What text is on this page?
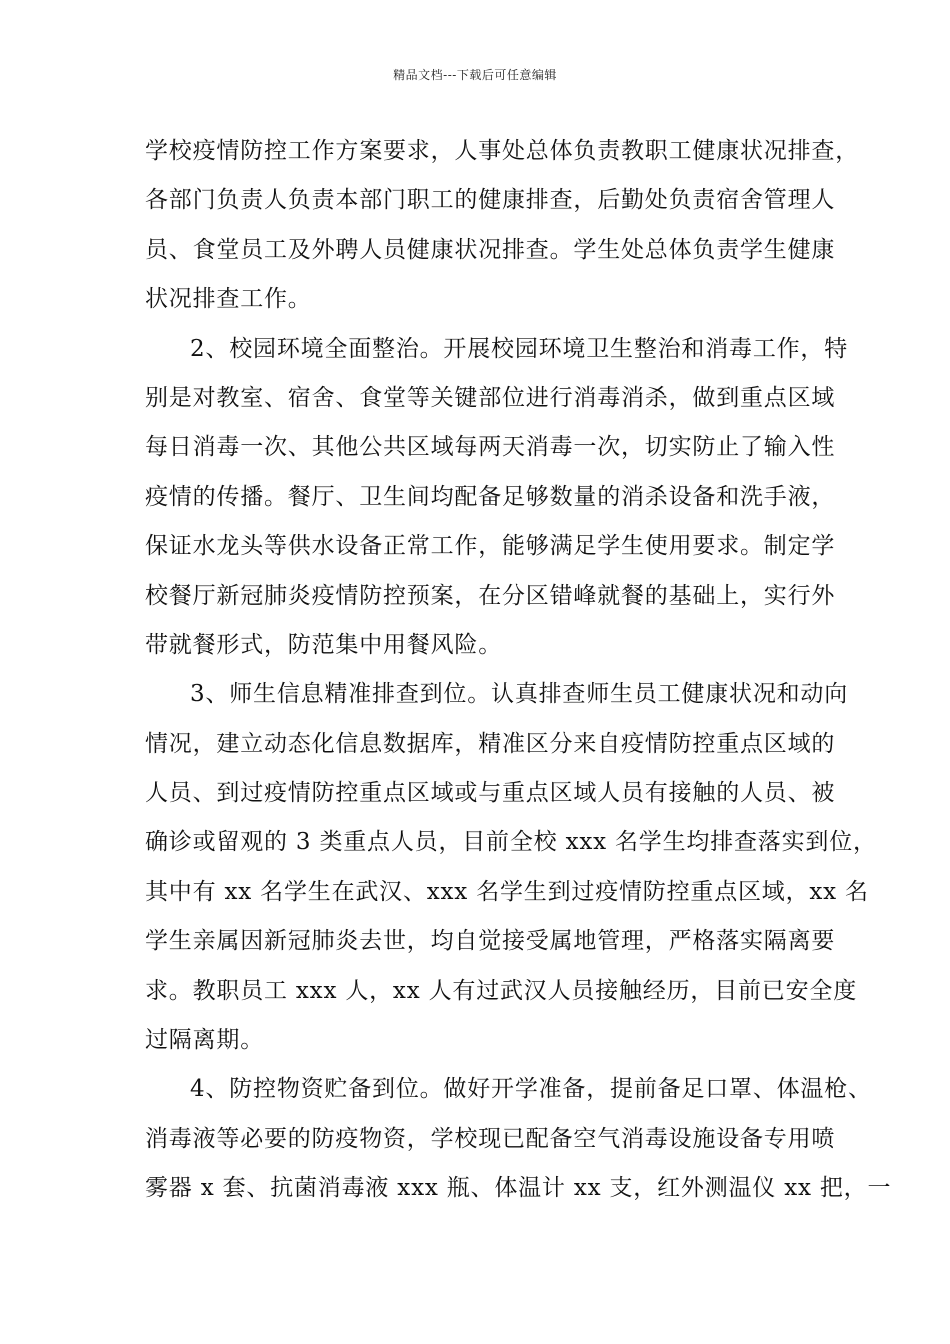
精品文档---下载后可任意编辑
学校疫情防控工作方案要求，人事处总体负责教职工健康状况排查，
各部门负责人负责本部门职工的健康排查，后勤处负责宿舍管理人
员、食堂员工及外聘人员健康状况排查。学生处总体负责学生健康
状况排查工作。
2、校园环境全面整治。开展校园环境卫生整治和消毒工作，特
别是对教室、宿舍、食堂等关键部位进行消毒消杀，做到重点区域
每日消毒一次、其他公共区域每两天消毒一次，切实防止了输入性
疫情的传播。餐厅、卫生间均配备足够数量的消杀设备和洗手液，
保证水龙头等供水设备正常工作，能够满足学生使用要求。制定学
校餐厅新冠肺炎疫情防控预案，在分区错峰就餐的基础上，实行外
带就餐形式，防范集中用餐风险。
3、师生信息精准排查到位。认真排查师生员工健康状况和动向
情况，建立动态化信息数据库，精准区分来自疫情防控重点区域的
人员、到过疫情防控重点区域或与重点区域人员有接触的人员、被
确诊或留观的 3 类重点人员，目前全校 xxx 名学生均排查落实到位，
其中有 xx 名学生在武汉、xxx 名学生到过疫情防控重点区域，xx 名
学生亲属因新冠肺炎去世，均自觉接受属地管理，严格落实隔离要
求。教职员工 xxx 人，xx 人有过武汉人员接触经历，目前已安全度
过隔离期。
4、防控物资贮备到位。做好开学准备，提前备足口罩、体温枪、
消毒液等必要的防疫物资，学校现已配备空气消毒设施设备专用喷
雾器 x 套、抗菌消毒液 xxx 瓶、体温计 xx 支，红外测温仪 xx 把，一
